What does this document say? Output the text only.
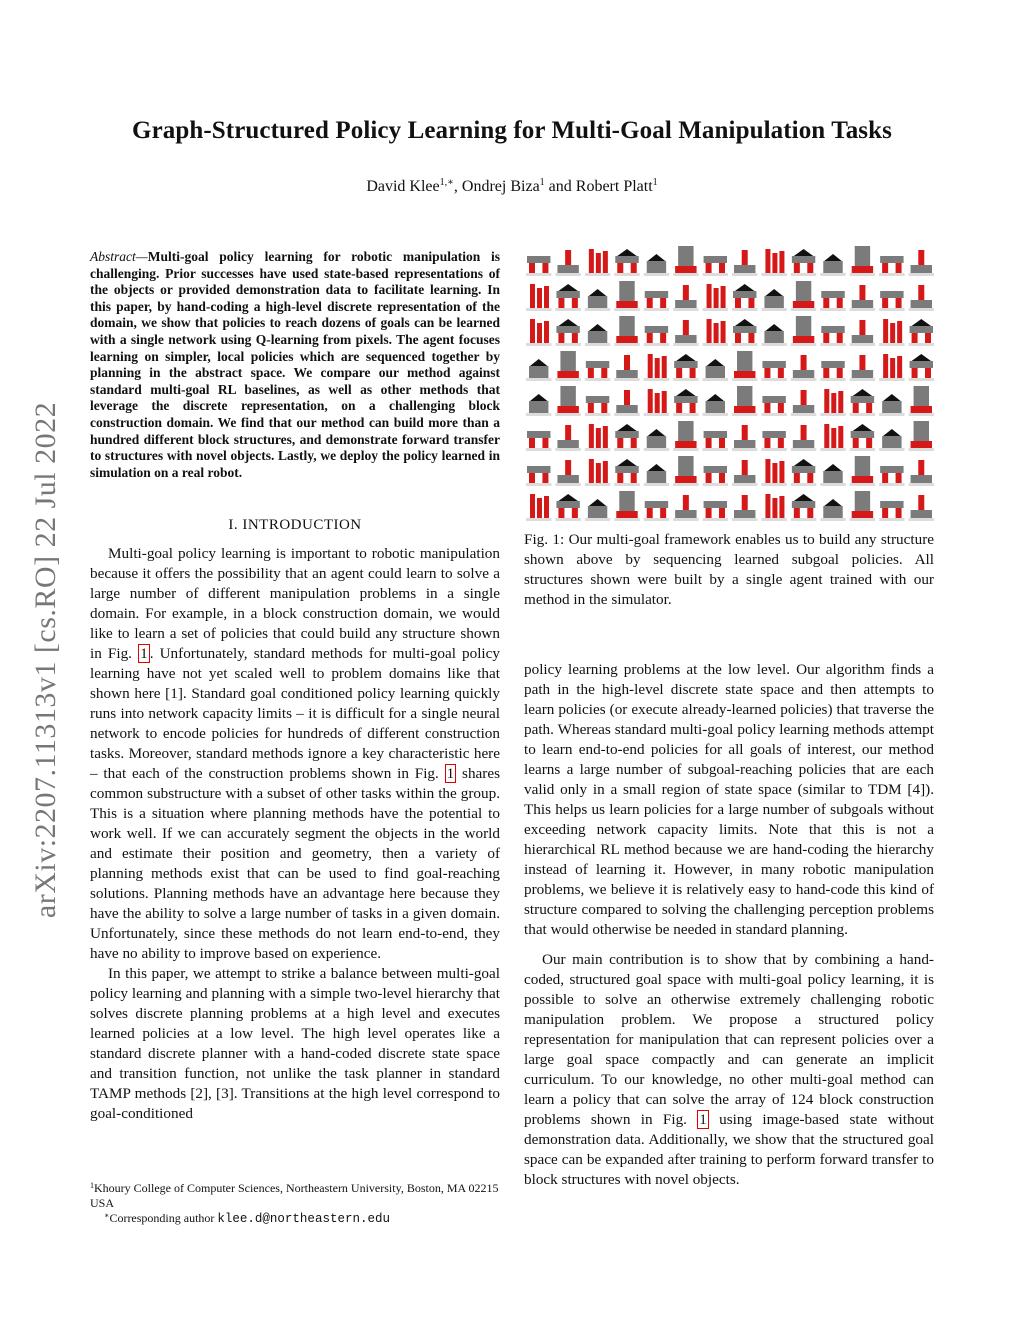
Graph-Structured Policy Learning for Multi-Goal Manipulation Tasks
David Klee$^{1,∗}$, Ondrej Biza$^1$ and Robert Platt$^1$
arXiv:2207.11313v1 [cs.RO] 22 Jul 2022

Abstract—Multi-goal policy learning for robotic manipulation is challenging. Prior successes have used state-based representations of the objects or provided demonstration data to facilitate learning. In this paper, by hand-coding a high-level discrete representation of the domain, we show that policies to reach dozens of goals can be learned with a single network using Q-learning from pixels. The agent focuses learning on simpler, local policies which are sequenced together by planning in the abstract space. We compare our method against standard multi-goal RL baselines, as well as other methods that leverage the discrete representation, on a challenging block construction domain. We find that our method can build more than a hundred different block structures, and demonstrate forward transfer to structures with novel objects. Lastly, we deploy the policy learned in simulation on a real robot.

I. INTRODUCTION

Multi-goal policy learning is important to robotic manipulation because it offers the possibility that an agent could learn to solve a large number of different manipulation problems in a single domain. For example, in a block construction domain, we would like to learn a set of policies that could build any structure shown in Fig. 1 . Unfortunately, standard methods for multi-goal policy learning have not yet scaled well to problem domains like that shown here [1]. Standard goal conditioned policy learning quickly runs into network capacity limits – it is difficult for a single neural network to encode policies for hundreds of different construction tasks. Moreover, standard methods ignore a key characteristic here – that each of the construction problems shown in Fig. 1 shares common substructure with a subset of other tasks within the group. This is a situation where planning methods have the potential to work well. If we can accurately segment the objects in the world and estimate their position and geometry, then a variety of planning methods exist that can be used to find goal-reaching solutions. Planning methods have an advantage here because they have the ability to solve a large number of tasks in a given domain. Unfortunately, since these methods do not learn end-to-end, they have no ability to improve based on experience.

In this paper, we attempt to strike a balance between multi-goal policy learning and planning with a simple two-level hierarchy that solves discrete planning problems at a high level and executes learned policies at a low level. The high level operates like a standard discrete planner with a hand-coded discrete state space and transition function, not unlike the task planner in standard TAMP methods [2], [3]. Transitions at the high level correspond to goal-conditioned

$^1$Khoury College of Computer Sciences, Northeastern University, Boston, MA 02215 USA
∗Corresponding author klee.d@northeastern.edu
Fig. 1: Our multi-goal framework enables us to build any structure shown above by sequencing learned subgoal policies. All structures shown were built by a single agent trained with our method in the simulator.

policy learning problems at the low level. Our algorithm finds a path in the high-level discrete state space and then attempts to learn policies (or execute already-learned policies) that traverse the path. Whereas standard multi-goal policy learning methods attempt to learn end-to-end policies for all goals of interest, our method learns a large number of subgoal-reaching policies that are each valid only in a small region of state space (similar to TDM [4]). This helps us learn policies for a large number of subgoals without exceeding network capacity limits. Note that this is not a hierarchical RL method because we are hand-coding the hierarchy instead of learning it. However, in many robotic manipulation problems, we believe it is relatively easy to hand-code this kind of structure compared to solving the challenging perception problems that would otherwise be needed in standard planning.

Our main contribution is to show that by combining a hand-coded, structured goal space with multi-goal policy learning, it is possible to solve an otherwise extremely challenging robotic manipulation problem. We propose a structured policy representation for manipulation that can represent policies over a large goal space compactly and can generate an implicit curriculum. To our knowledge, no other multi-goal method can learn a policy that can solve the array of 124 block construction problems shown in Fig. 1 using image-based state without demonstration data. Additionally, we show that the structured goal space can be expanded after training to perform forward transfer to block structures with novel objects.
